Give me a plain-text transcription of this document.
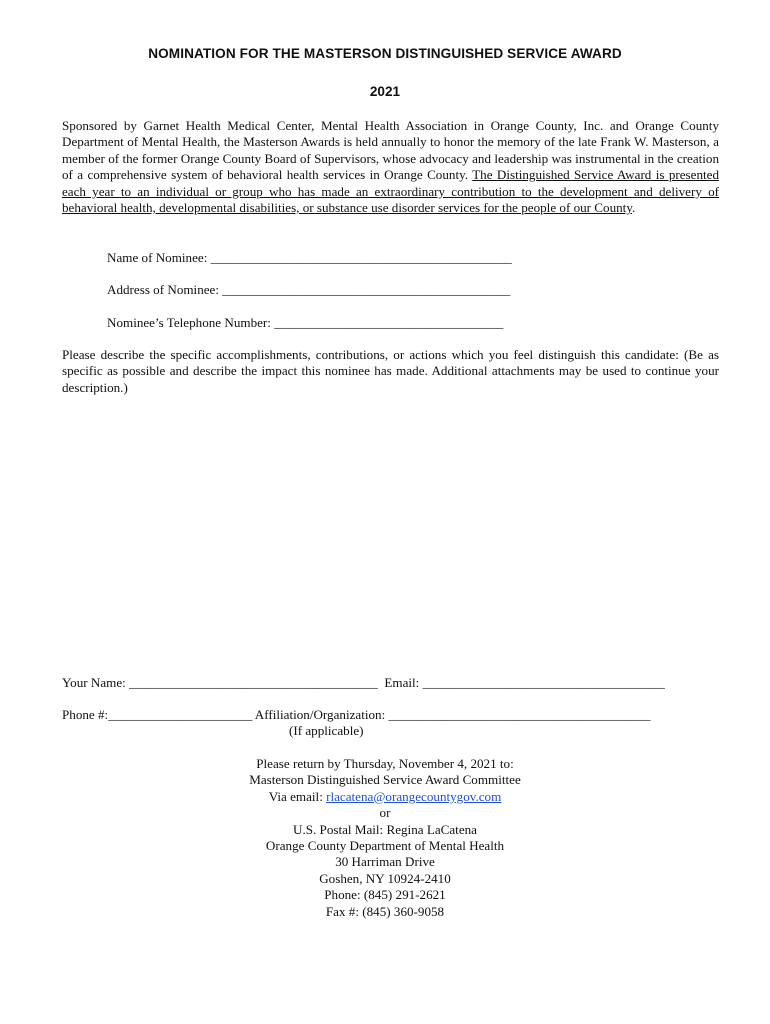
NOMINATION FOR THE MASTERSON DISTINGUISHED SERVICE AWARD
2021
Sponsored by Garnet Health Medical Center, Mental Health Association in Orange County, Inc. and Orange County Department of Mental Health, the Masterson Awards is held annually to honor the memory of the late Frank W. Masterson, a member of the former Orange County Board of Supervisors, whose advocacy and leadership was instrumental in the creation of a comprehensive system of behavioral health services in Orange County. The Distinguished Service Award is presented each year to an individual or group who has made an extraordinary contribution to the development and delivery of behavioral health, developmental disabilities, or substance use disorder services for the people of our County.
Name of Nominee: ______________________________________________
Address of Nominee: ____________________________________________
Nominee’s Telephone Number: ___________________________________
Please describe the specific accomplishments, contributions, or actions which you feel distinguish this candidate: (Be as specific as possible and describe the impact this nominee has made. Additional attachments may be used to continue your description.)
Your Name: ______________________________________ Email: _____________________________________
Phone #:______________________ Affiliation/Organization: ________________________________________
(If applicable)
Please return by Thursday, November 4, 2021 to:
Masterson Distinguished Service Award Committee
Via email: rlacatena@orangecountygov.com
or
U.S. Postal Mail: Regina LaCatena
Orange County Department of Mental Health
30 Harriman Drive
Goshen, NY 10924-2410
Phone: (845) 291-2621
Fax #: (845) 360-9058
